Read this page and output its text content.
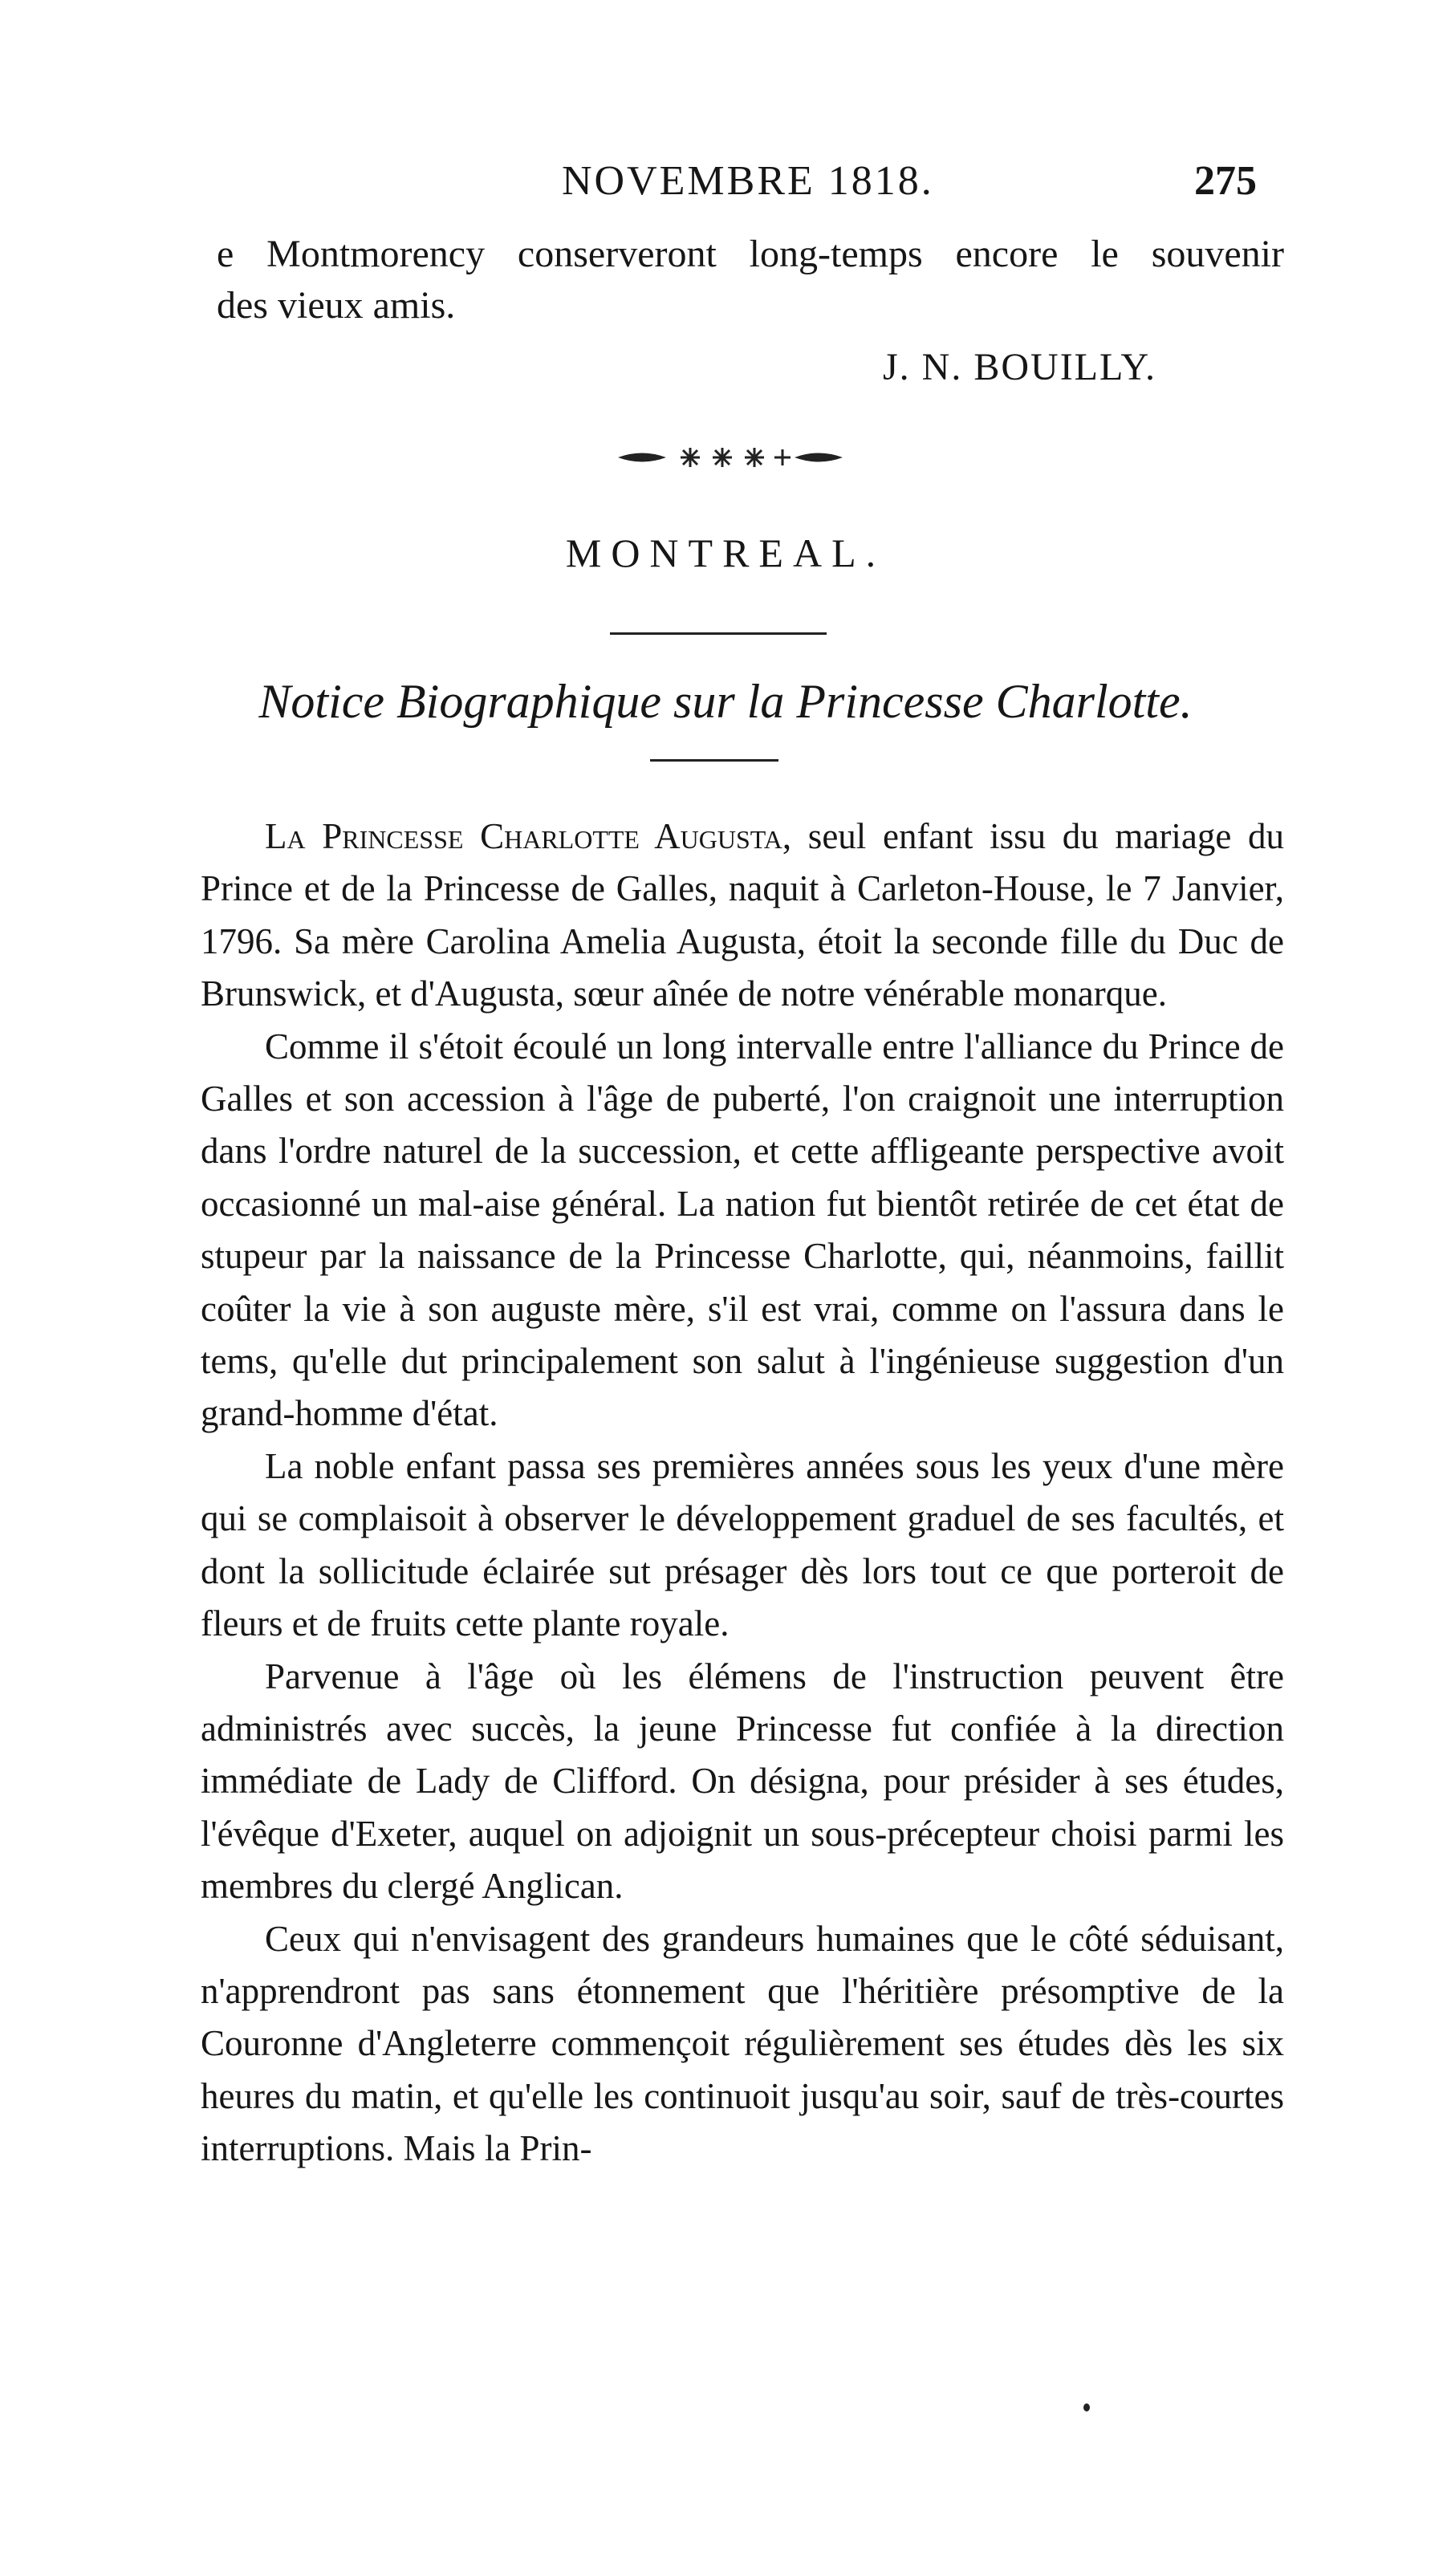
NOVEMBRE 1818.	275

e Montmorency conserveront long-temps encore le souvenir

des vieux amis.

J. N. BOUILLY.
MONTREAL.
Notice Biographique sur la Princesse Charlotte.

La Princesse Charlotte Augusta, seul enfant issu du mariage du Prince et de la Princesse de Galles, naquit à Carleton-House, le 7 Janvier, 1796. Sa mère Carolina Amelia Augusta, étoit la seconde fille du Duc de Brunswick, et d'Augusta, sœur aînée de notre vénérable monarque.

Comme il s'étoit écoulé un long intervalle entre l'alliance du Prince de Galles et son accession à l'âge de puberté, l'on craignoit une interruption dans l'ordre naturel de la succession, et cette affligeante perspective avoit occasionné un mal-aise général. La nation fut bientôt retirée de cet état de stupeur par la naissance de la Princesse Charlotte, qui, néanmoins, faillit coûter la vie à son auguste mère, s'il est vrai, comme on l'assura dans le tems, qu'elle dut principalement son salut à l'ingénieuse suggestion d'un grand-homme d'état.

La noble enfant passa ses premières années sous les yeux d'une mère qui se complaisoit à observer le développement graduel de ses facultés, et dont la sollicitude éclairée sut présager dès lors tout ce que porteroit de fleurs et de fruits cette plante royale.

Parvenue à l'âge où les élémens de l'instruction peuvent être administrés avec succès, la jeune Princesse fut confiée à la direction immédiate de Lady de Clifford. On désigna, pour présider à ses études, l'évêque d'Exeter, auquel on adjoignit un sous-précepteur choisi parmi les membres du clergé Anglican.

Ceux qui n'envisagent des grandeurs humaines que le côté séduisant, n'apprendront pas sans étonnement que l'héritière présomptive de la Couronne d'Angleterre commençoit régulièrement ses études dès les six heures du matin, et qu'elle les continuoit jusqu'au soir, sauf de très-courtes interruptions. Mais la Prin-
